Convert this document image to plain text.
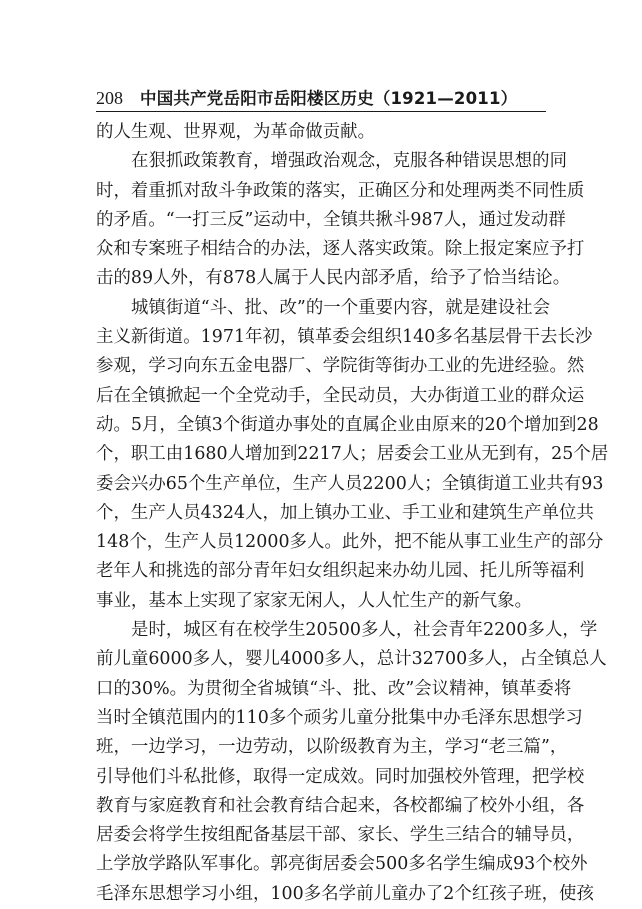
208 中国共产党岳阳市岳阳楼区历史（1921—2011）
的人生观、世界观，为革命做贡献。
在狠抓政策教育，增强政治观念，克服各种错误思想的同
时，着重抓对敌斗争政策的落实，正确区分和处理两类不同性质
的矛盾。“一打三反”运动中，全镇共揪斗987人，通过发动群
众和专案班子相结合的办法，逐人落实政策。除上报定案应予打
击的89人外，有878人属于人民内部矛盾，给予了恰当结论。
城镇街道“斗、批、改”的一个重要内容，就是建设社会
主义新街道。1971年初，镇革委会组织140多名基层骨干去长沙
参观，学习向东五金电器厂、学院街等街办工业的先进经验。然
后在全镇掀起一个全党动手，全民动员，大办街道工业的群众运
动。5月，全镇3个街道办事处的直属企业由原来的20个增加到28
个，职工由1680人增加到2217人；居委会工业从无到有，25个居
委会兴办65个生产单位，生产人员2200人；全镇街道工业共有93
个，生产人员4324人，加上镇办工业、手工业和建筑生产单位共
148个，生产人员12000多人。此外，把不能从事工业生产的部分
老年人和挑选的部分青年妇女组织起来办幼儿园、托儿所等福利
事业，基本上实现了家家无闲人，人人忙生产的新气象。
是时，城区有在校学生20500多人，社会青年2200多人，学
前儿童6000多人，婴儿4000多人，总计32700多人，占全镇总人
口的30%。为贯彻全省城镇“斗、批、改”会议精神，镇革委将
当时全镇范围内的110多个顽劣儿童分批集中办毛泽东思想学习
班，一边学习，一边劳动，以阶级教育为主，学习“老三篇”，
引导他们斗私批修，取得一定成效。同时加强校外管理，把学校
教育与家庭教育和社会教育结合起来，各校都编了校外小组，各
居委会将学生按组配备基层干部、家长、学生三结合的辅导员，
上学放学路队军事化。郭亮街居委会500多名学生编成93个校外
毛泽东思想学习小组，100多名学前儿童办了2个红孩子班，使孩
